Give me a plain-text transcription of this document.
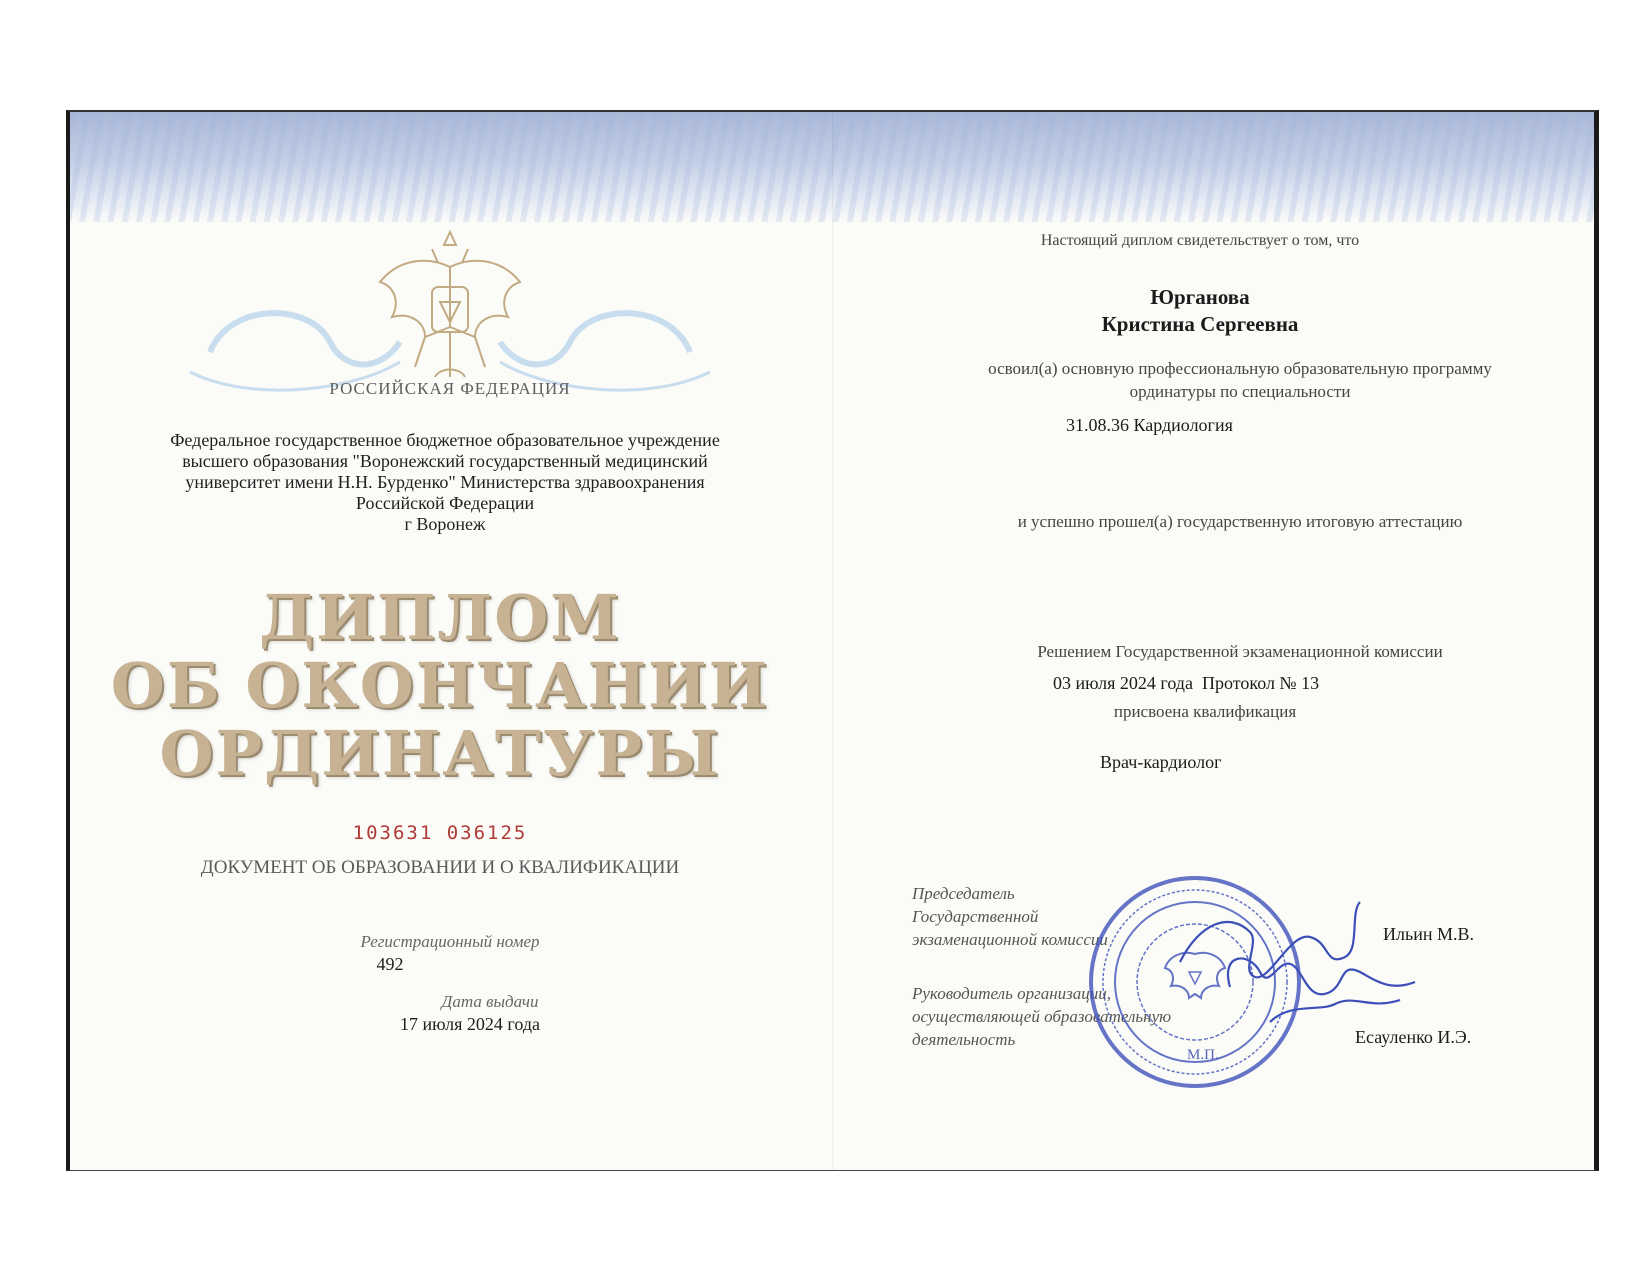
РОССИЙСКАЯ ФЕДЕРАЦИЯ
Федеральное государственное бюджетное образовательное учреждение
высшего образования "Воронежский государственный медицинский
университет имени Н.Н. Бурденко" Министерства здравоохранения
Российской Федерации
г Воронеж
ДИПЛОМ
ОБ ОКОНЧАНИИ
ОРДИНАТУРЫ
103631 036125
ДОКУМЕНТ ОБ ОБРАЗОВАНИИ И О КВАЛИФИКАЦИИ
Регистрационный номер
492
Дата выдачи
17 июля 2024 года
Настоящий диплом свидетельствует о том, что
Юрганова
Кристина Сергеевна
освоил(а) основную профессиональную образовательную программу
ординатуры по специальности
31.08.36 Кардиология
и успешно прошел(а) государственную итоговую аттестацию
Решением Государственной экзаменационной комиссии
03 июля 2024 года Протокол № 13
присвоена квалификация
Врач-кардиолог
Председатель
Государственной
экзаменационной комиссии	Ильин М.В.
Руководитель организации,
осуществляющей образовательную
деятельность	Есауленко И.Э.
М.П.
